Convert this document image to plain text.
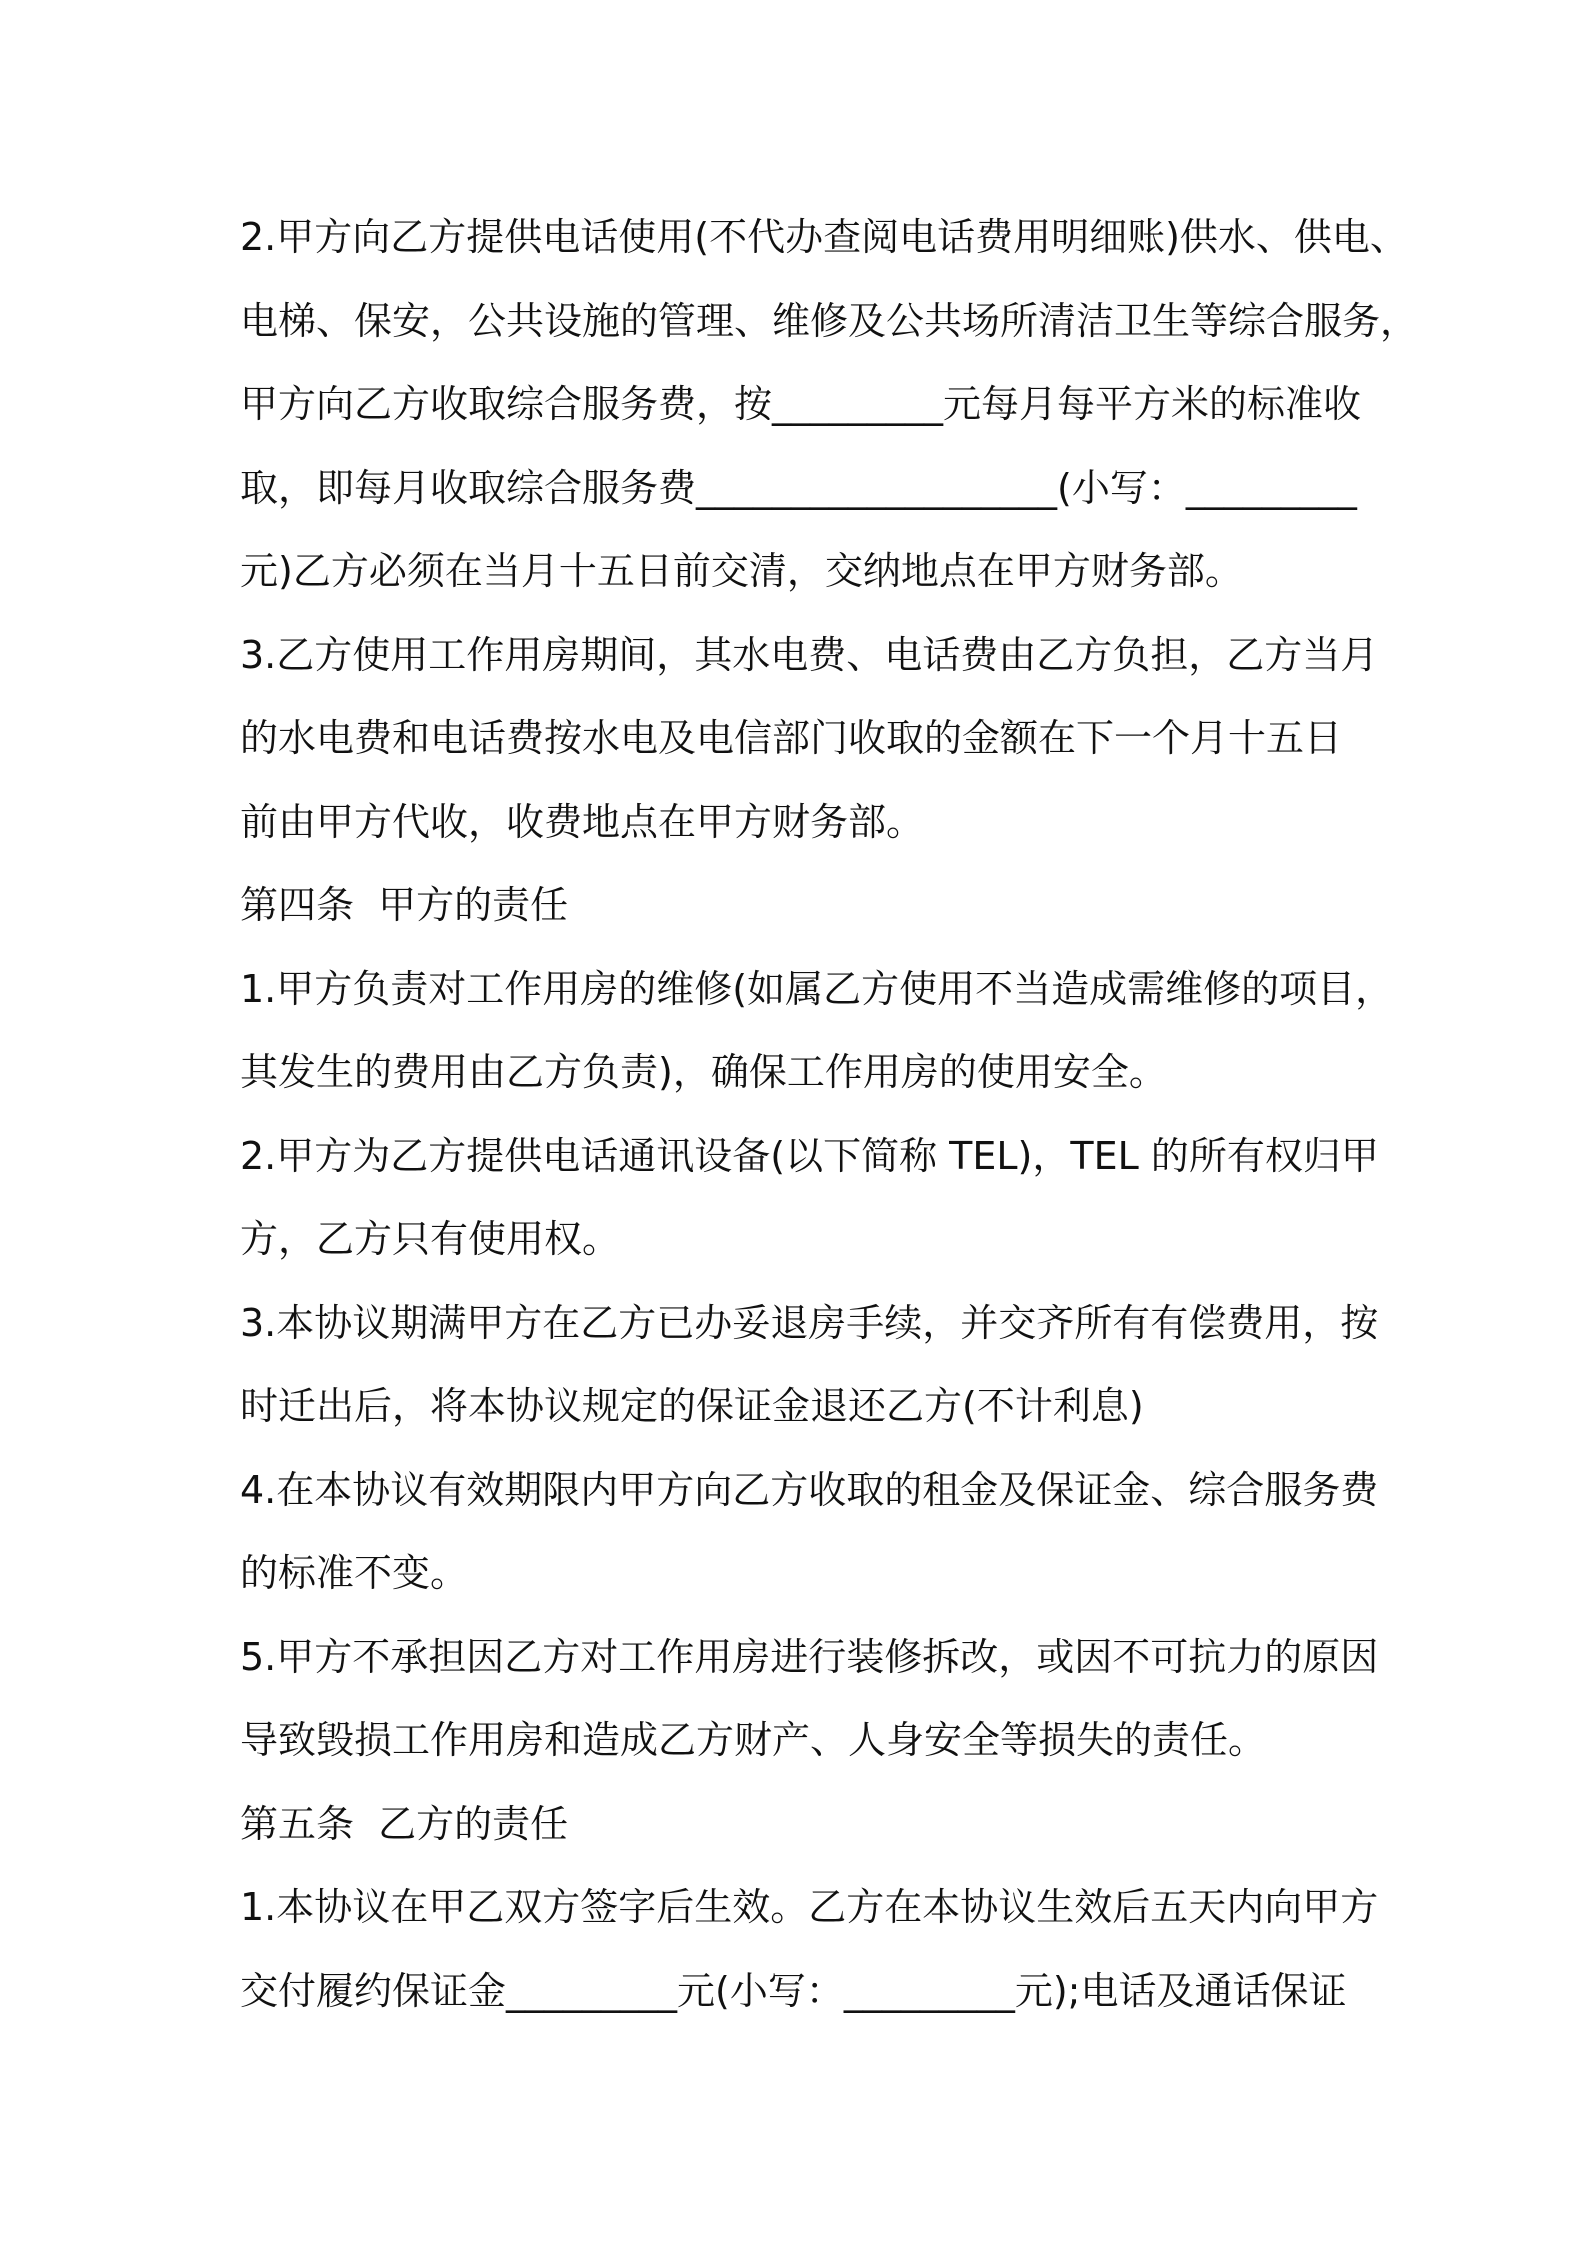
2.甲方向乙方提供电话使用(不代办查阅电话费用明细账)供水、供电、
电梯、保安，公共设施的管理、维修及公共场所清洁卫生等综合服务，
甲方向乙方收取综合服务费，按_________元每月每平方米的标准收
取，即每月收取综合服务费___________________(小写：_________
元)乙方必须在当月十五日前交清，交纳地点在甲方财务部。
3.乙方使用工作用房期间，其水电费、电话费由乙方负担，乙方当月
的水电费和电话费按水电及电信部门收取的金额在下一个月十五日
前由甲方代收，收费地点在甲方财务部。
第四条  甲方的责任
1.甲方负责对工作用房的维修(如属乙方使用不当造成需维修的项目，
其发生的费用由乙方负责)，确保工作用房的使用安全。
2.甲方为乙方提供电话通讯设备(以下简称 TEL)，TEL 的所有权归甲
方，乙方只有使用权。
3.本协议期满甲方在乙方已办妥退房手续，并交齐所有有偿费用，按
时迁出后，将本协议规定的保证金退还乙方(不计利息)
4.在本协议有效期限内甲方向乙方收取的租金及保证金、综合服务费
的标准不变。
5.甲方不承担因乙方对工作用房进行装修拆改，或因不可抗力的原因
导致毁损工作用房和造成乙方财产、人身安全等损失的责任。
第五条  乙方的责任
1.本协议在甲乙双方签字后生效。乙方在本协议生效后五天内向甲方
交付履约保证金_________元(小写：_________元);电话及通话保证
